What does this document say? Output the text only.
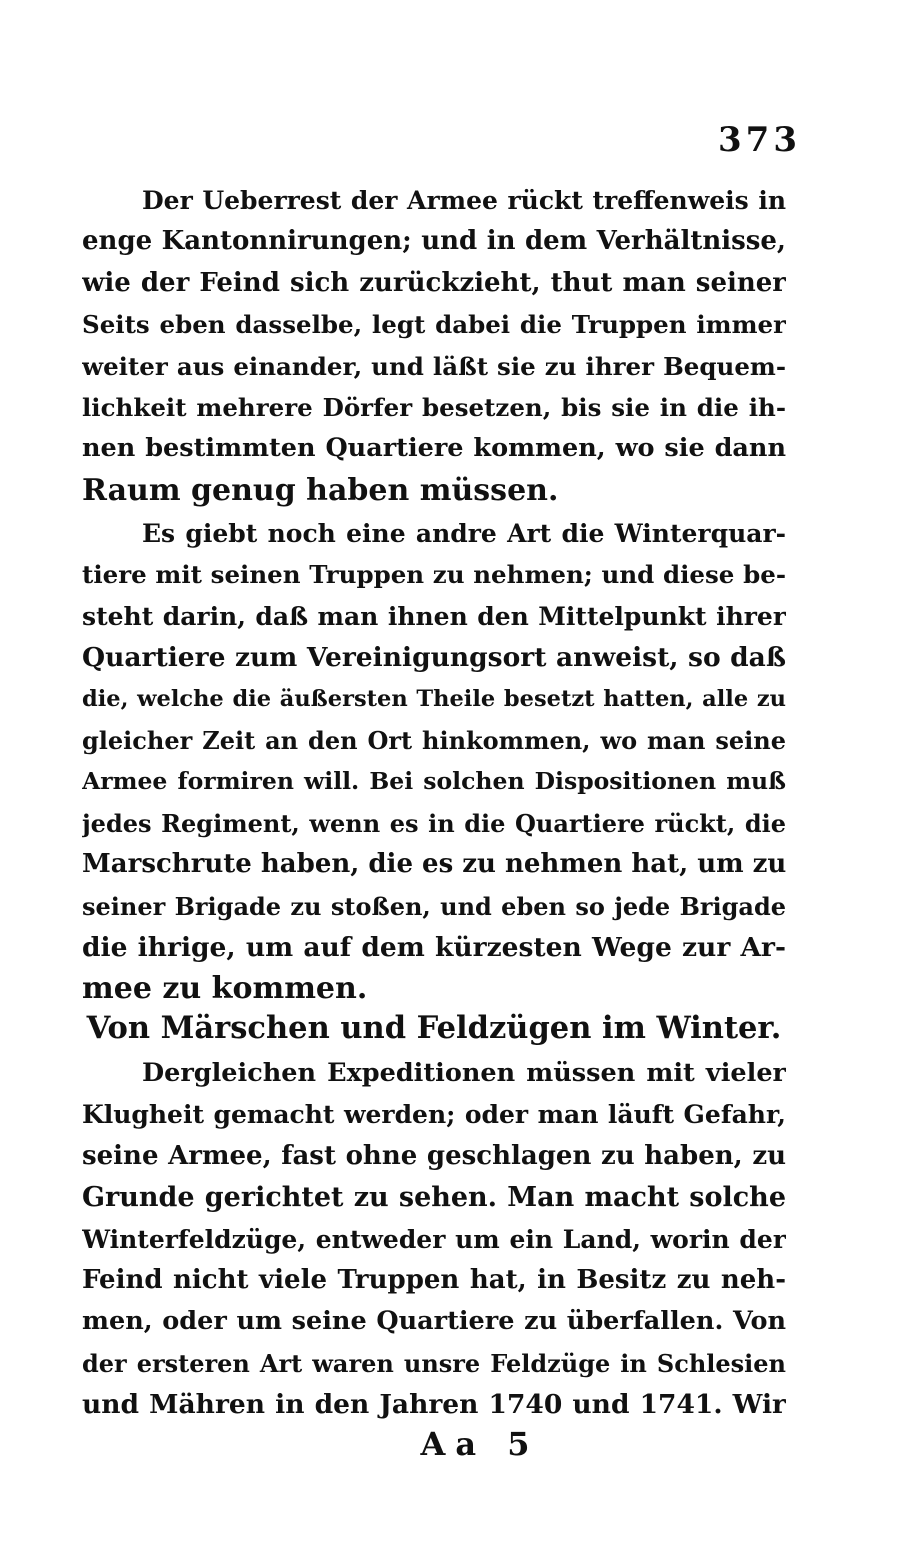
373
Der Ueberrest der Armee rückt treffenweis in
enge Kantonnirungen; und in dem Verhältnisse,
wie der Feind sich zurückzieht, thut man seiner
Seits eben dasselbe, legt dabei die Truppen immer
weiter aus einander, und läßt sie zu ihrer Bequem-
lichkeit mehrere Dörfer besetzen, bis sie in die ih-
nen bestimmten Quartiere kommen, wo sie dann
Raum genug haben müssen.
Es giebt noch eine andre Art die Winterquar-
tiere mit seinen Truppen zu nehmen; und diese be-
steht darin, daß man ihnen den Mittelpunkt ihrer
Quartiere zum Vereinigungsort anweist, so daß
die, welche die äußersten Theile besetzt hatten, alle zu
gleicher Zeit an den Ort hinkommen, wo man seine
Armee formiren will. Bei solchen Dispositionen muß
jedes Regiment, wenn es in die Quartiere rückt, die
Marschrute haben, die es zu nehmen hat, um zu
seiner Brigade zu stoßen, und eben so jede Brigade
die ihrige, um auf dem kürzesten Wege zur Ar-
mee zu kommen.
Von Märschen und Feldzügen im Winter.
Dergleichen Expeditionen müssen mit vieler
Klugheit gemacht werden; oder man läuft Gefahr,
seine Armee, fast ohne geschlagen zu haben, zu
Grunde gerichtet zu sehen. Man macht solche
Winterfeldzüge, entweder um ein Land, worin der
Feind nicht viele Truppen hat, in Besitz zu neh-
men, oder um seine Quartiere zu überfallen. Von
der ersteren Art waren unsre Feldzüge in Schlesien
und Mähren in den Jahren 1740 und 1741. Wir
Aa 5
